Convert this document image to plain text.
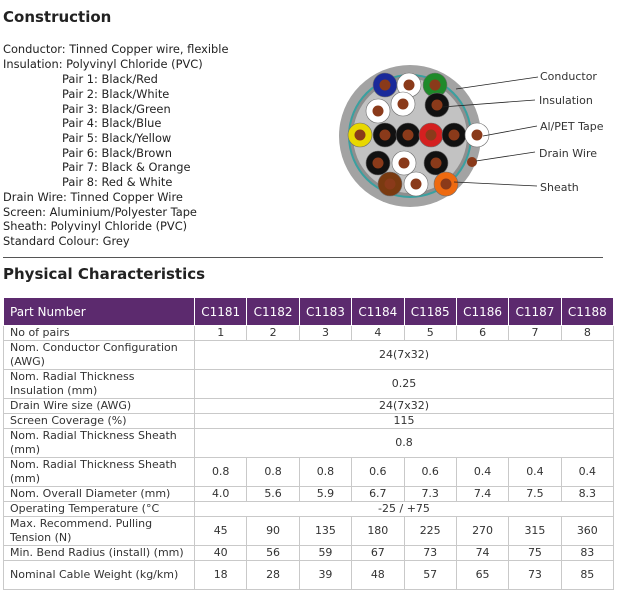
Construction
Conductor: Tinned Copper wire, flexible
Insulation: Polyvinyl Chloride (PVC)
Pair 1: Black/Red
Pair 2: Black/White
Pair 3: Black/Green
Pair 4: Black/Blue
Pair 5: Black/Yellow
Pair 6: Black/Brown
Pair 7: Black & Orange
Pair 8: Red & White
Drain Wire: Tinned Copper Wire
Screen: Aluminium/Polyester Tape
Sheath: Polyvinyl Chloride (PVC)
Standard Colour: Grey
Conductor
Insulation
Al/PET Tape
Drain Wire
Sheath
Physical Characteristics
Part Number	C1181	C1182	C1183	C1184	C1185	C1186	C1187	C1188
No of pairs	1	2	3	4	5	6	7	8
Nom. Conductor Configuration (AWG)	24(7x32)							
Nom. Radial Thickness Insulation (mm)	0.25							
Drain Wire size (AWG)	24(7x32)							
Screen Coverage (%)	115							
Nom. Radial Thickness Sheath (mm)	0.8							
Nom. Radial Thickness Sheath (mm)	0.8	0.8	0.8	0.6	0.6	0.4	0.4	0.4
Nom. Overall Diameter (mm)	4.0	5.6	5.9	6.7	7.3	7.4	7.5	8.3
Operating Temperature (°C	-25 / +75							
Max. Recommend. Pulling Tension (N)	45	90	135	180	225	270	315	360
Min. Bend Radius (install) (mm)	40	56	59	67	73	74	75	83
Nominal Cable Weight (kg/km)	18	28	39	48	57	65	73	85
